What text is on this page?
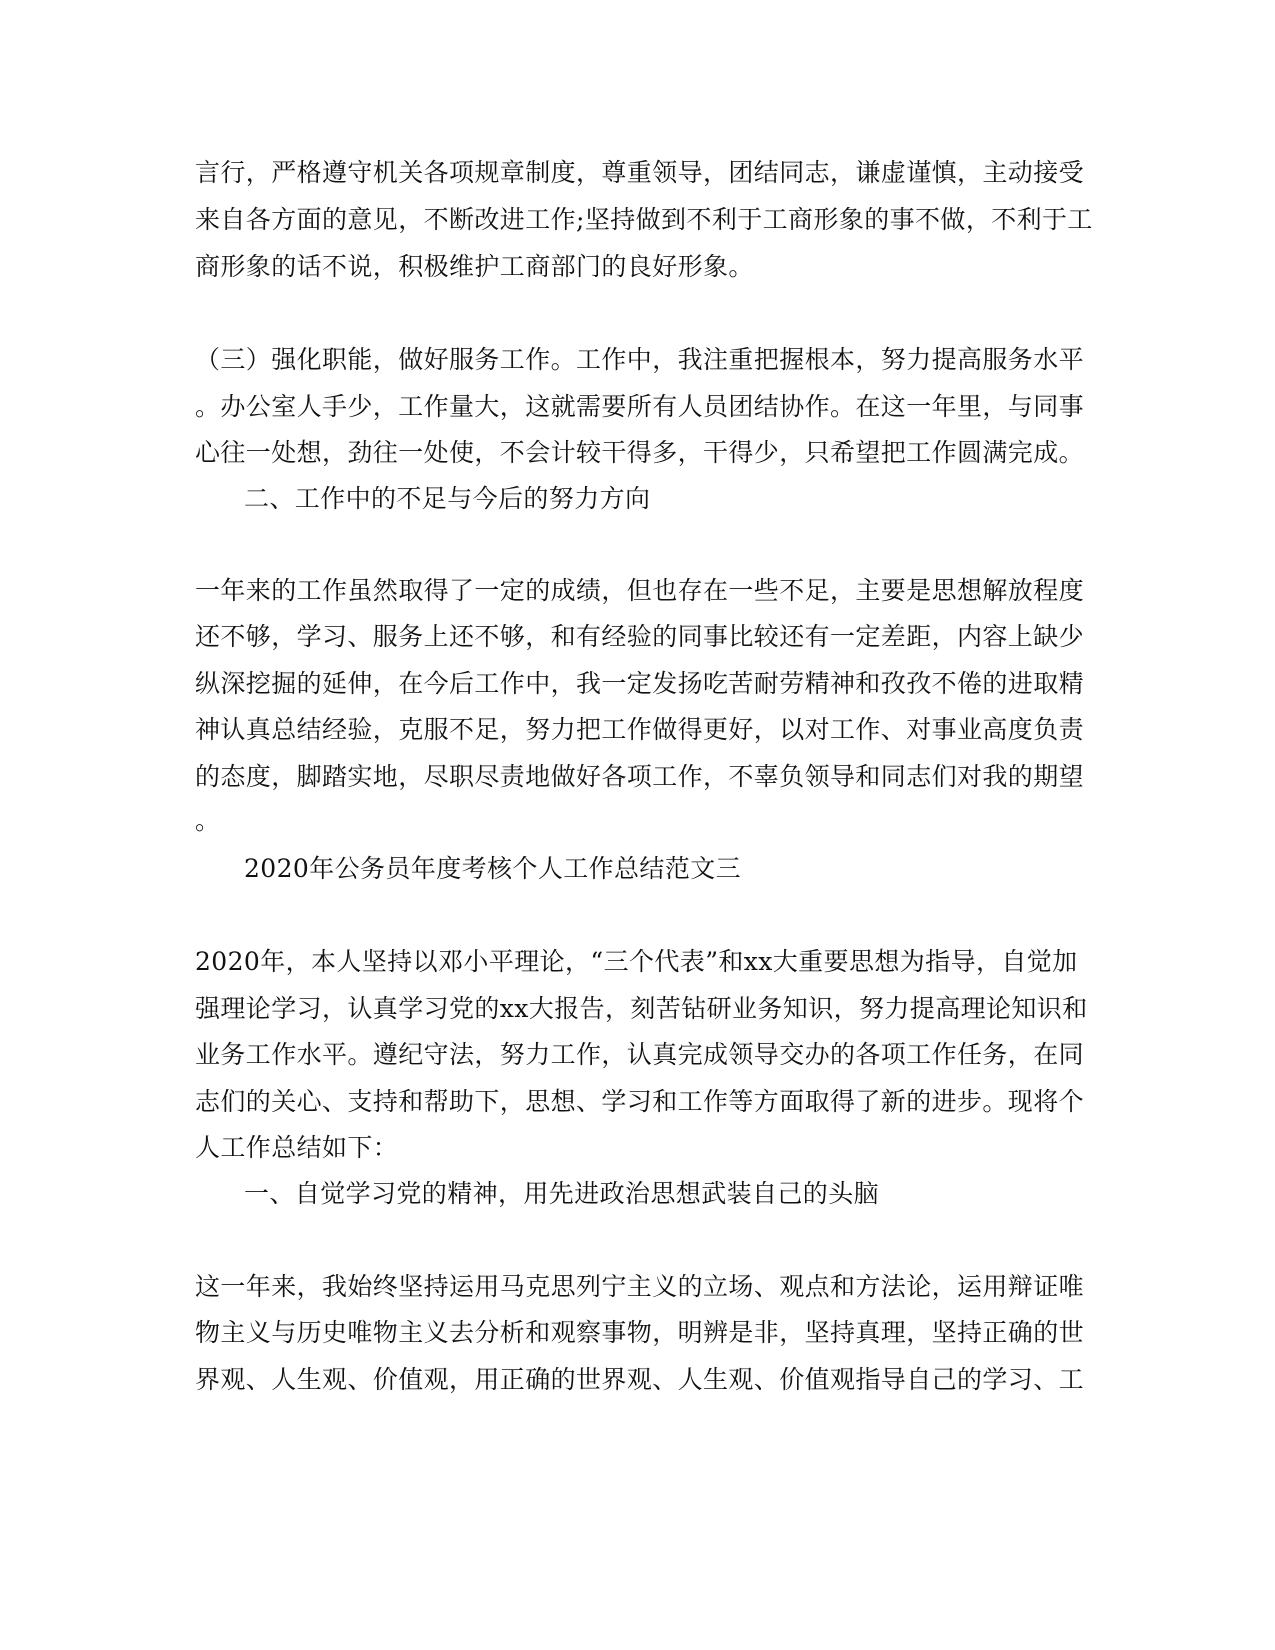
言行，严格遵守机关各项规章制度，尊重领导，团结同志，谦虚谨慎，主动接受
来自各方面的意见，不断改进工作;坚持做到不利于工商形象的事不做，不利于工
商形象的话不说，积极维护工商部门的良好形象。
（三）强化职能，做好服务工作。工作中，我注重把握根本，努力提高服务水平
。办公室人手少，工作量大，这就需要所有人员团结协作。在这一年里，与同事
心往一处想，劲往一处使，不会计较干得多，干得少，只希望把工作圆满完成。
二、工作中的不足与今后的努力方向
一年来的工作虽然取得了一定的成绩，但也存在一些不足，主要是思想解放程度
还不够，学习、服务上还不够，和有经验的同事比较还有一定差距，内容上缺少
纵深挖掘的延伸，在今后工作中，我一定发扬吃苦耐劳精神和孜孜不倦的进取精
神认真总结经验，克服不足，努力把工作做得更好，以对工作、对事业高度负责
的态度，脚踏实地，尽职尽责地做好各项工作，不辜负领导和同志们对我的期望
。
2020年公务员年度考核个人工作总结范文三
2020年，本人坚持以邓小平理论，“三个代表”和xx大重要思想为指导，自觉加
强理论学习，认真学习党的xx大报告，刻苦钻研业务知识，努力提高理论知识和
业务工作水平。遵纪守法，努力工作，认真完成领导交办的各项工作任务，在同
志们的关心、支持和帮助下，思想、学习和工作等方面取得了新的进步。现将个
人工作总结如下：
一、自觉学习党的精神，用先进政治思想武装自己的头脑
这一年来，我始终坚持运用马克思列宁主义的立场、观点和方法论，运用辩证唯
物主义与历史唯物主义去分析和观察事物，明辨是非，坚持真理，坚持正确的世
界观、人生观、价值观，用正确的世界观、人生观、价值观指导自己的学习、工
